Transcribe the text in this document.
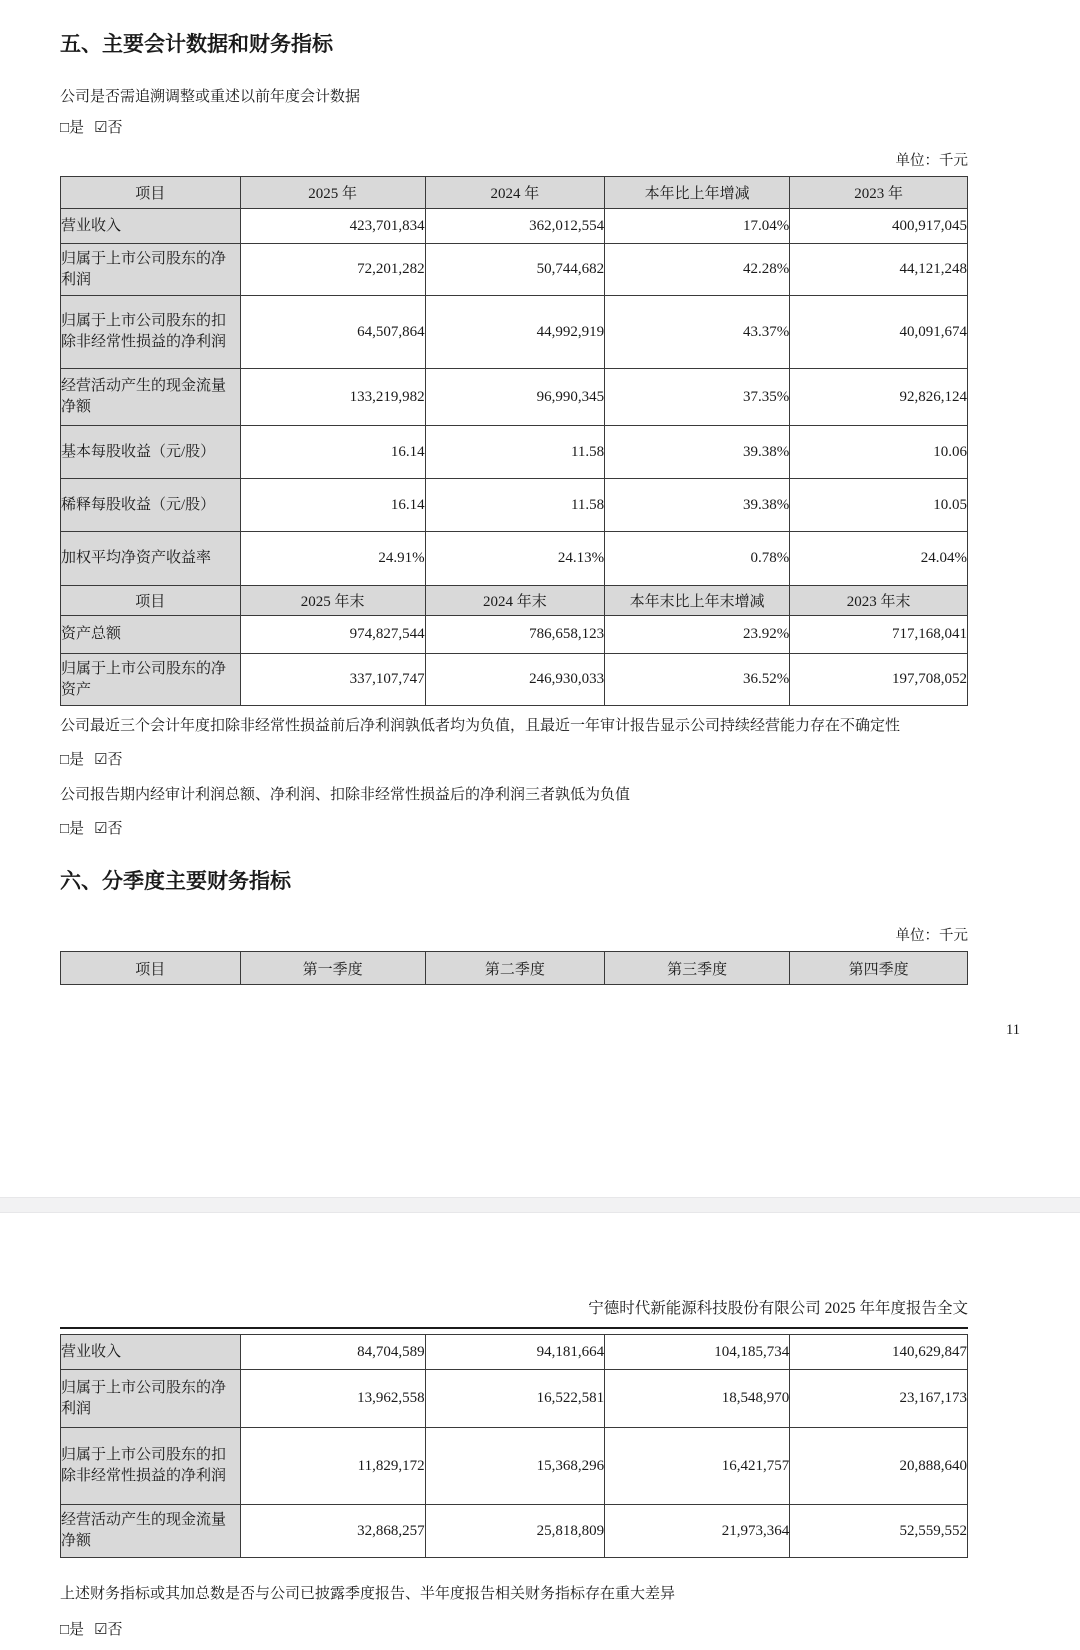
五、主要会计数据和财务指标
公司是否需追溯调整或重述以前年度会计数据
□是 ☑否
单位：千元
项目	2025 年	2024 年	本年比上年增减	2023 年
营业收入	423,701,834	362,012,554	17.04%	400,917,045
归属于上市公司股东的净利润	72,201,282	50,744,682	42.28%	44,121,248
归属于上市公司股东的扣除非经常性损益的净利润	64,507,864	44,992,919	43.37%	40,091,674
经营活动产生的现金流量净额	133,219,982	96,990,345	37.35%	92,826,124
基本每股收益（元/股）	16.14	11.58	39.38%	10.06
稀释每股收益（元/股）	16.14	11.58	39.38%	10.05
加权平均净资产收益率	24.91%	24.13%	0.78%	24.04%
项目	2025 年末	2024 年末	本年末比上年末增减	2023 年末
资产总额	974,827,544	786,658,123	23.92%	717,168,041
归属于上市公司股东的净资产	337,107,747	246,930,033	36.52%	197,708,052
公司最近三个会计年度扣除非经常性损益前后净利润孰低者均为负值，且最近一年审计报告显示公司持续经营能力存在不确定性
□是 ☑否
公司报告期内经审计利润总额、净利润、扣除非经常性损益后的净利润三者孰低为负值
□是 ☑否
六、分季度主要财务指标
单位：千元
项目	第一季度	第二季度	第三季度	第四季度
11
宁德时代新能源科技股份有限公司 2025 年年度报告全文
营业收入	84,704,589	94,181,664	104,185,734	140,629,847
归属于上市公司股东的净利润	13,962,558	16,522,581	18,548,970	23,167,173
归属于上市公司股东的扣除非经常性损益的净利润	11,829,172	15,368,296	16,421,757	20,888,640
经营活动产生的现金流量净额	32,868,257	25,818,809	21,973,364	52,559,552
上述财务指标或其加总数是否与公司已披露季度报告、半年度报告相关财务指标存在重大差异
□是 ☑否
